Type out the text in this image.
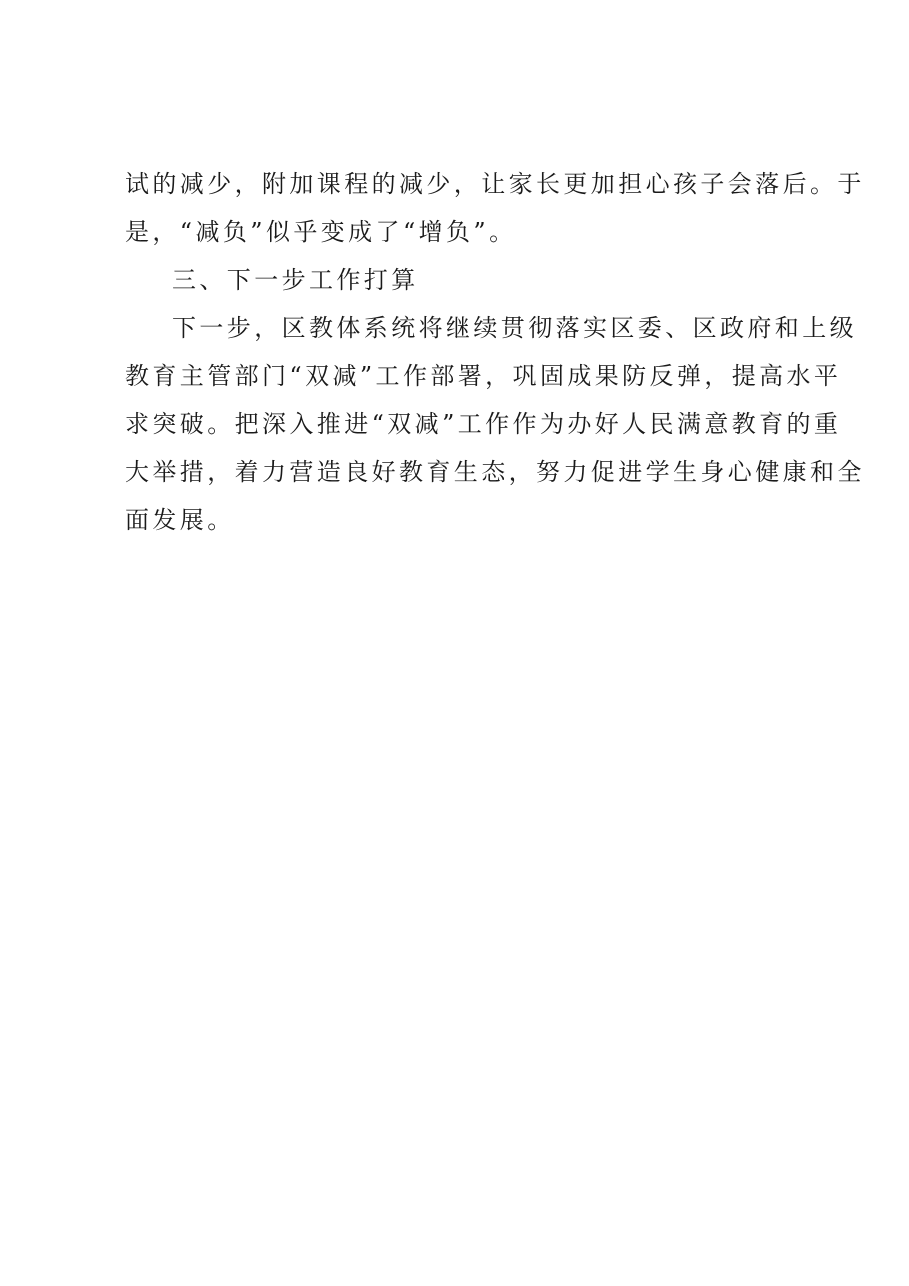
试的减少，附加课程的减少，让家长更加担心孩子会落后。于
是，“减负”似乎变成了“增负”。
三、下一步工作打算
下一步，区教体系统将继续贯彻落实区委、区政府和上级
教育主管部门“双减”工作部署，巩固成果防反弹，提高水平
求突破。把深入推进“双减”工作作为办好人民满意教育的重
大举措，着力营造良好教育生态，努力促进学生身心健康和全
面发展。
